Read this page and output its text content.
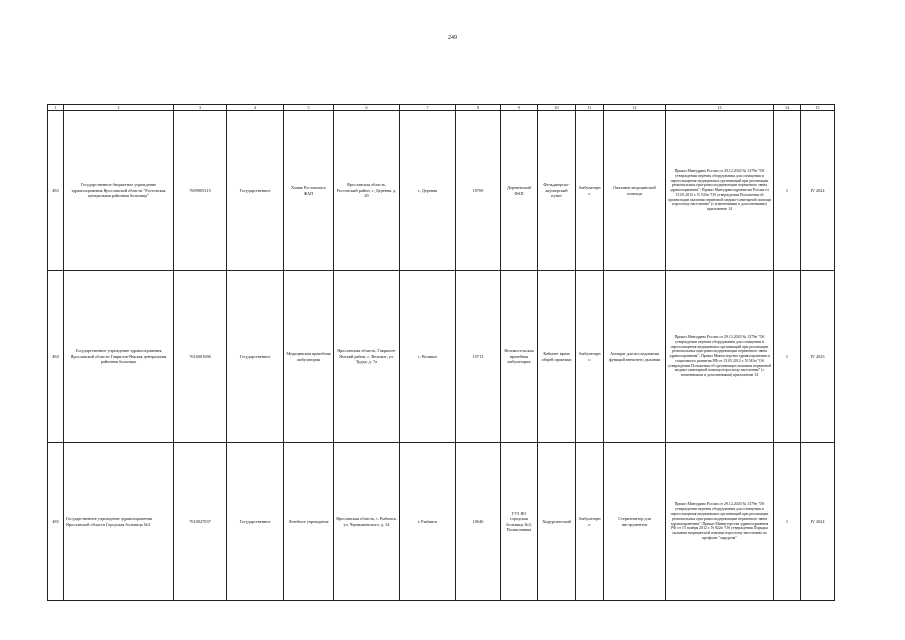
249
1	2	3	4	5	6	7	8	9	10	11	12	13	14	15
483	Государственное бюджетное учреждение здравоохранения Ярославской области "Ростовская центральная районная больница"	7609005315	Государственное	Хомяк Ростовского ФАП	Ярославская область, Ростовский район, с. Деревня, д. 49	с. Деревня	10769	Деревенский ФАП	Фельдшерско-акушерский пункт	Амбулаторно	Оказание медицинской помощи	Приказ Минздрава России от 29.12.2020 № 1379н "Об утверждении перечня оборудования для оснащения и переоснащения медицинских организаций при реализации региональных программ модернизации первичного звена здравоохранения"; Приказ Минздравсоцразвития России от 15.05.2012 г. N 543н "Об утверждении Положения об организации оказания первичной медико-санитарной помощи взрослому населению" (с изменениями и дополнениями) приложение 14	1	IV 2024
484	Государственное учреждение здравоохранения Ярославской области Гаврилов-Ямская центральная районная больница	7616001686	Государственное	Медицинская врачебная амбулатория	Ярославская область, Гаврилов-Ямский район, с. Великое, ул. Труда, д. 7а	с. Великое	10713	Великосельская врачебная амбулатория	Кабинет врача общей практики	Амбулаторно	Аппарат для исследования функций внешнего дыхания	Приказ Минздрава России от 29.12.2020 № 1379н "Об утверждении перечня оборудования для оснащения и переоснащения медицинских организаций при реализации региональных программ модернизации первичного звена здравоохранения"; Приказ Министерства здравоохранения и социального развития РФ от 15.05.2012 г. N 543н "Об утверждении Положения об организации оказания первичной медико-санитарной помощи взрослому населению" (с изменениями и дополнениями) приложение 14	1	IV 2023
485	Государственное учреждение здравоохранения Ярославской области Городская больница №3	7610027037	Государственное	Лечебное учреждение	Ярославская область, г. Рыбинск, ул. Чернышевского, д. 34	г. Рыбинск	10646	ГУЗ ЯО городская больница №3, Поликлиника	Хирургический	Амбулаторно	Стерилизатор для инструментов	Приказ Минздрава России от 29.12.2020 № 1379н "Об утверждении перечня оборудования для оснащения и переоснащения медицинских организаций при реализации региональных программ модернизации первичного звена здравоохранения"; Приказ Министерства здравоохранения РФ от 15 ноября 2012 г. N 922н "Об утверждении Порядка оказания медицинской помощи взрослому населению по профилю "хирургия"	1	IV 2024
